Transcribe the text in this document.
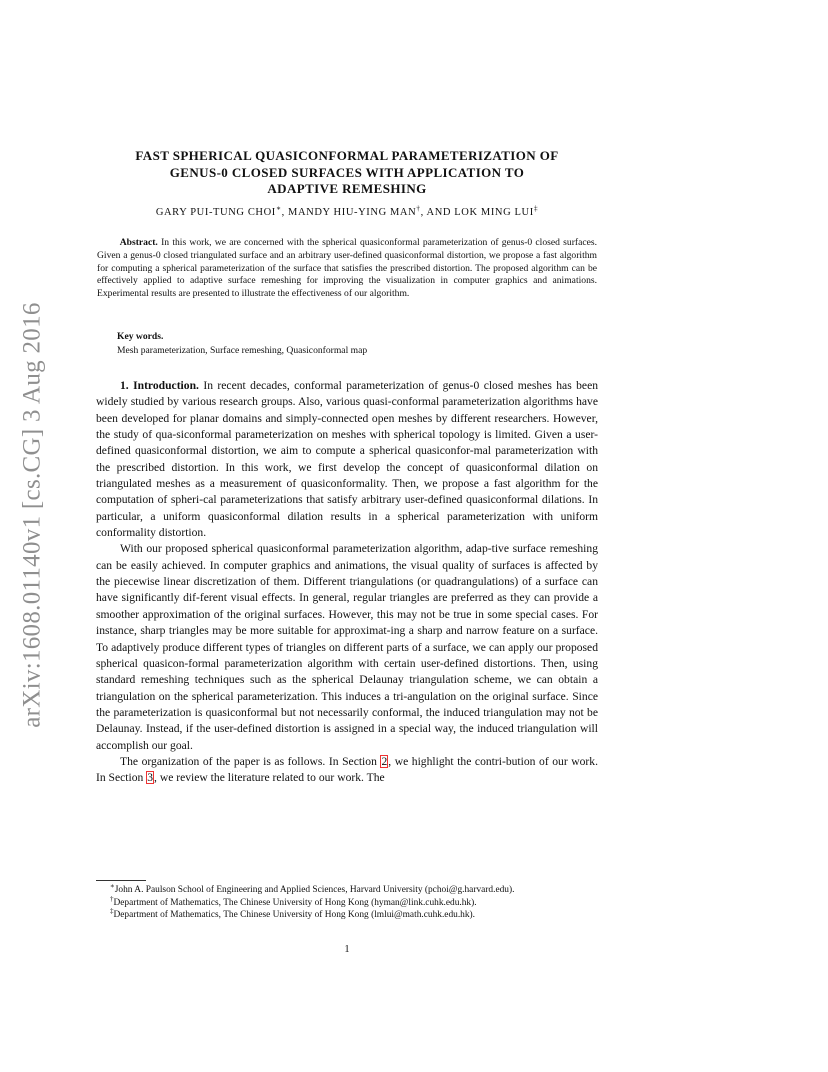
arXiv:1608.01140v1 [cs.CG] 3 Aug 2016
FAST SPHERICAL QUASICONFORMAL PARAMETERIZATION OF
GENUS-0 CLOSED SURFACES WITH APPLICATION TO
ADAPTIVE REMESHING
GARY PUI-TUNG CHOI∗, MANDY HIU-YING MAN†, AND LOK MING LUI‡
Abstract. In this work, we are concerned with the spherical quasiconformal parameterization of genus-0 closed surfaces. Given a genus-0 closed triangulated surface and an arbitrary user-defined quasiconformal distortion, we propose a fast algorithm for computing a spherical parameterization of the surface that satisfies the prescribed distortion. The proposed algorithm can be effectively applied to adaptive surface remeshing for improving the visualization in computer graphics and animations. Experimental results are presented to illustrate the effectiveness of our algorithm.
Key words.
Mesh parameterization, Surface remeshing, Quasiconformal map

1. Introduction. In recent decades, conformal parameterization of genus-0 closed meshes has been widely studied by various research groups. Also, various quasi-conformal parameterization algorithms have been developed for planar domains and simply-connected open meshes by different researchers. However, the study of qua-siconformal parameterization on meshes with spherical topology is limited. Given a user-defined quasiconformal distortion, we aim to compute a spherical quasiconfor-mal parameterization with the prescribed distortion. In this work, we first develop the concept of quasiconformal dilation on triangulated meshes as a measurement of quasiconformality. Then, we propose a fast algorithm for the computation of spheri-cal parameterizations that satisfy arbitrary user-defined quasiconformal dilations. In particular, a uniform quasiconformal dilation results in a spherical parameterization with uniform conformality distortion.

With our proposed spherical quasiconformal parameterization algorithm, adap-tive surface remeshing can be easily achieved. In computer graphics and animations, the visual quality of surfaces is affected by the piecewise linear discretization of them. Different triangulations (or quadrangulations) of a surface can have significantly dif-ferent visual effects. In general, regular triangles are preferred as they can provide a smoother approximation of the original surfaces. However, this may not be true in some special cases. For instance, sharp triangles may be more suitable for approximat-ing a sharp and narrow feature on a surface. To adaptively produce different types of triangles on different parts of a surface, we can apply our proposed spherical quasicon-formal parameterization algorithm with certain user-defined distortions. Then, using standard remeshing techniques such as the spherical Delaunay triangulation scheme, we can obtain a triangulation on the spherical parameterization. This induces a tri-angulation on the original surface. Since the parameterization is quasiconformal but not necessarily conformal, the induced triangulation may not be Delaunay. Instead, if the user-defined distortion is assigned in a special way, the induced triangulation will accomplish our goal.

The organization of the paper is as follows. In Section 2, we highlight the contri-bution of our work. In Section 3, we review the literature related to our work. The

∗John A. Paulson School of Engineering and Applied Sciences, Harvard University (pchoi@g.harvard.edu).
†Department of Mathematics, The Chinese University of Hong Kong (hyman@link.cuhk.edu.hk).
‡Department of Mathematics, The Chinese University of Hong Kong (lmlui@math.cuhk.edu.hk).
1
